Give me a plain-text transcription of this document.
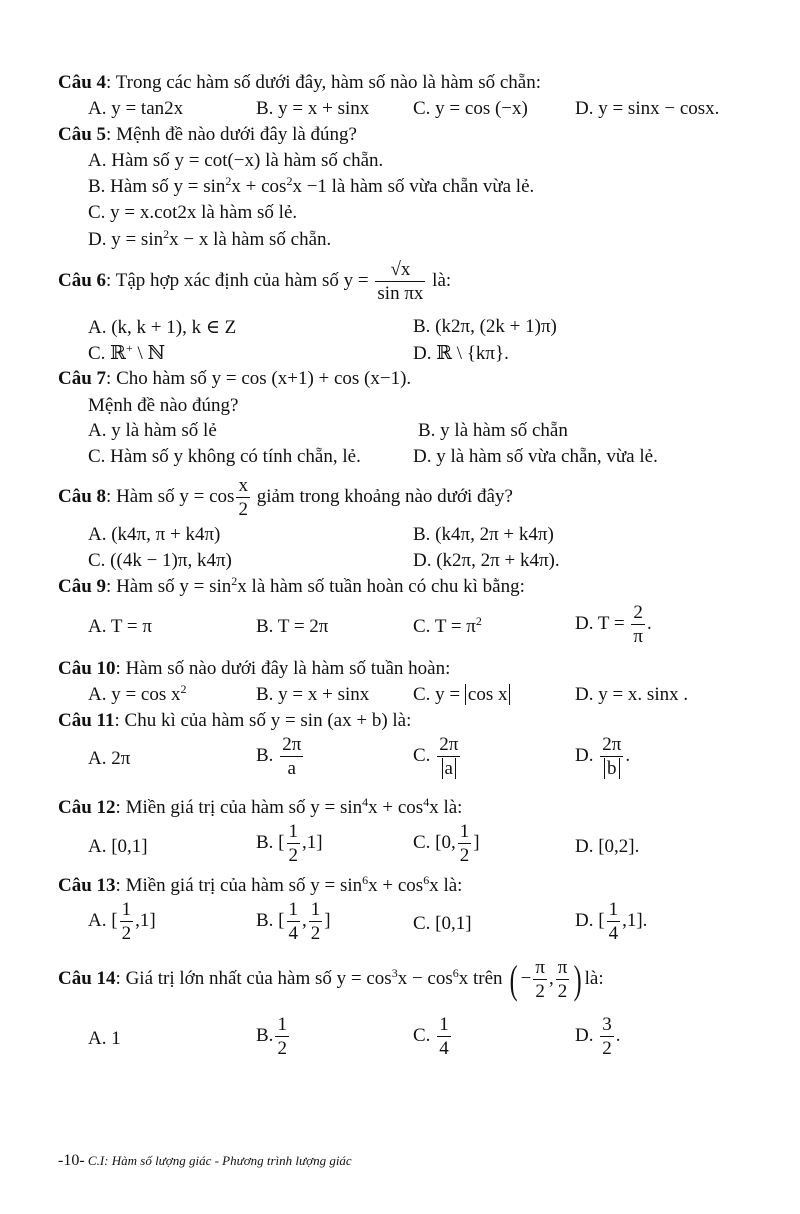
Câu 4: Trong các hàm số dưới đây, hàm số nào là hàm số chẵn:
A. y = tan2x	B. y = x + sinx C. y = cos (−x) D. y = sinx − cosx.
Câu 5: Mệnh đề nào dưới đây là đúng?
A. Hàm số y = cot(−x) là hàm số chẵn.
B. Hàm số $y = \sin^2x + \cos^2x -1$ là hàm số vừa chẵn vừa lẻ.
C. y = x.cot2x là hàm số lẻ.
D. $y = \sin^2x - x$ là hàm số chẵn.
Câu 6: Tập hợp xác định của hàm số $y = \frac{√x}{\text{sin πx}}$ là:
A. (k, k + 1), k ∈ Z	B. (k2π, (2k + 1)π)
C. ℝ+ \ ℕ	D. ℝ \ {kπ}.
Câu 7: Cho hàm số y = cos (x+1) + cos (x−1).
Mệnh đề nào đúng?
A. y là hàm số lẻ	B. y là hàm số chẵn
C. Hàm số y không có tính chẵn, lẻ.	D. y là hàm số vừa chẵn, vừa lẻ.
Câu 8: Hàm số $y = \cos \frac{x}{2}$ giảm trong khoảng nào dưới đây?
A. (k4π, π + k4π)	B. (k4π, 2π + k4π)
C. ((4k − 1)π, k4π)	D. (k2π, 2π + k4π).
Câu 9: Hàm số $y = \sin^2x$ là hàm số tuần hoàn có chu kì bằng:
A. T = π	B. T = 2π	C. $T = \pi^2$	D. $T = \frac{2}{\pi}$ .
Câu 10: Hàm số nào dưới đây là hàm số tuần hoàn:
A. $y = \cos x^2$	B. y = x + sinx C. y = cos x	D. y = x. sinx .
Câu 11: Chu kì của hàm số y = sin (ax + b) là:
A. 2π	B. $\frac{2\pi}{a}$	C. $\frac{2\pi}{a}$	D. $\frac{2\pi}{b}$ .
Câu 12: Miền giá trị của hàm số $y = \sin^4x + \cos^4x$ là:
A. [0,1]	B. [ $\frac{1}{2} ,1$]	C. [0, $\frac{1}{2}$ ]	D. [0,2].
Câu 13: Miền giá trị của hàm số $y = \sin^6x + \cos^6x$ là:
A. [ $\frac{1}{2} ,1$]	B. [ $\frac{1}{4}$ , $\frac{1}{2}$ ]	C. [0,1]	D. [ $\frac{1}{4} ,1$].
Câu 14: Giá trị lớn nhất của hàm số $y = \cos^3x - \cos^6x$ trên ( − $\frac{\pi}{2}$ , $\frac{\pi}{2}$ ) là:
A. 1	B. $\frac{1}{2}$	C. $\frac{1}{4}$	D. $\frac{3}{2}$ .
-10- C.I: Hàm số lượng giác - Phương trình lượng giác
